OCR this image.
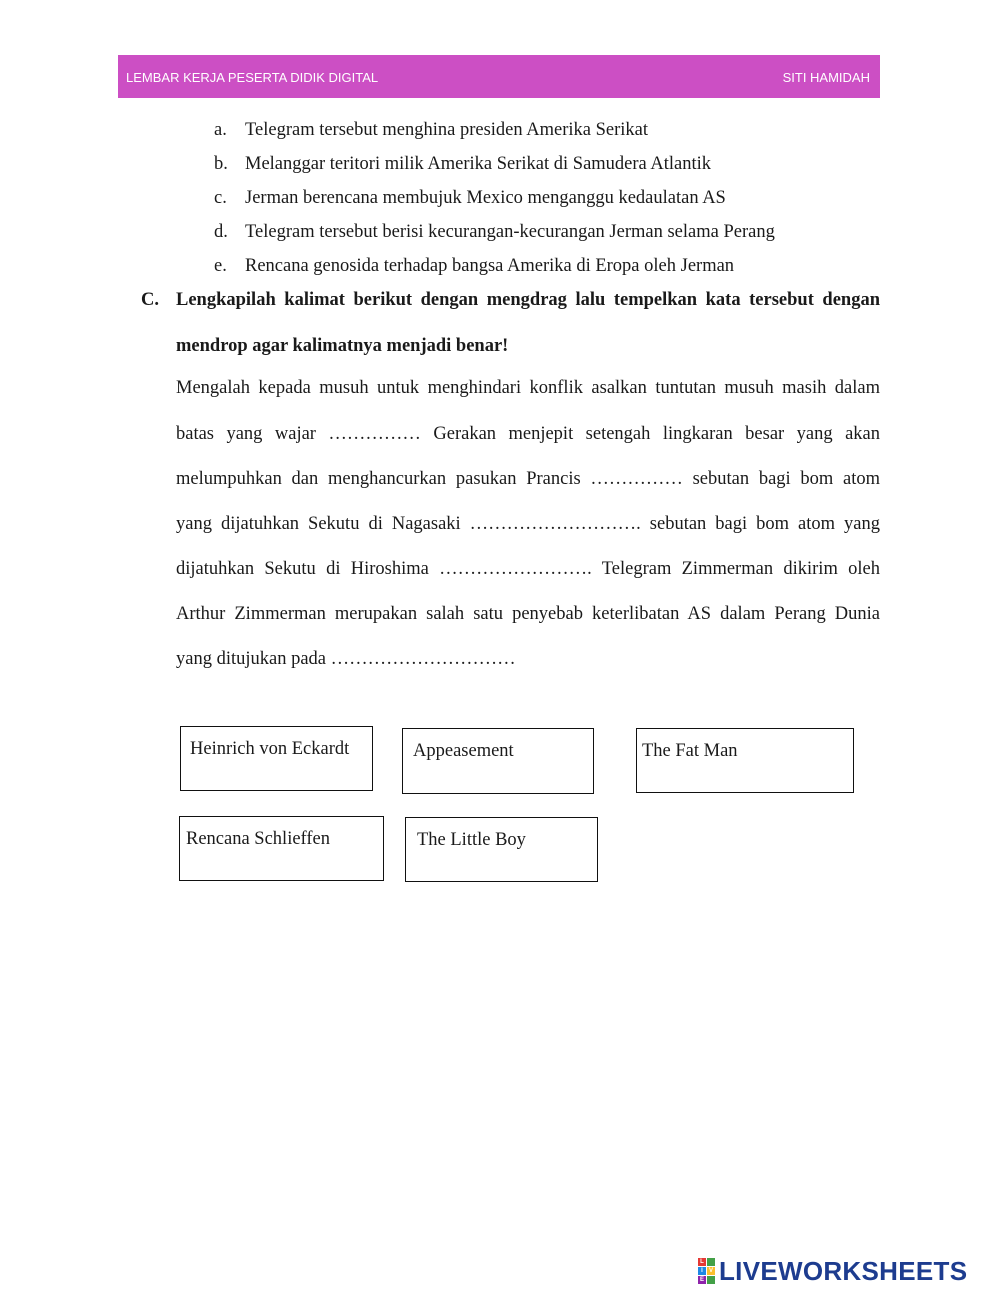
LEMBAR KERJA PESERTA DIDIK DIGITAL	SITI HAMIDAH
a. Telegram tersebut menghina presiden Amerika Serikat
b. Melanggar teritori milik Amerika Serikat di Samudera Atlantik
c. Jerman berencana membujuk Mexico menganggu kedaulatan AS
d. Telegram tersebut berisi kecurangan-kecurangan Jerman selama Perang
e. Rencana genosida terhadap bangsa Amerika di Eropa oleh Jerman
C. Lengkapilah kalimat berikut dengan mengdrag lalu tempelkan kata tersebut dengan
mendrop agar kalimatnya menjadi benar!
Mengalah kepada musuh untuk menghindari konflik asalkan tuntutan musuh masih dalam
batas yang wajar …………… Gerakan menjepit setengah lingkaran besar yang akan
melumpuhkan dan menghancurkan pasukan Prancis …………… sebutan bagi bom atom
yang dijatuhkan Sekutu di Nagasaki ………………………. sebutan bagi bom atom yang
dijatuhkan Sekutu di Hiroshima ……………………. Telegram Zimmerman dikirim oleh
Arthur Zimmerman merupakan salah satu penyebab keterlibatan AS dalam Perang Dunia
yang ditujukan pada …………………………
Heinrich von Eckardt	Appeasement	The Fat Man
Rencana Schlieffen	The Little Boy
L
I	V
E LIVEWORKSHEETS
